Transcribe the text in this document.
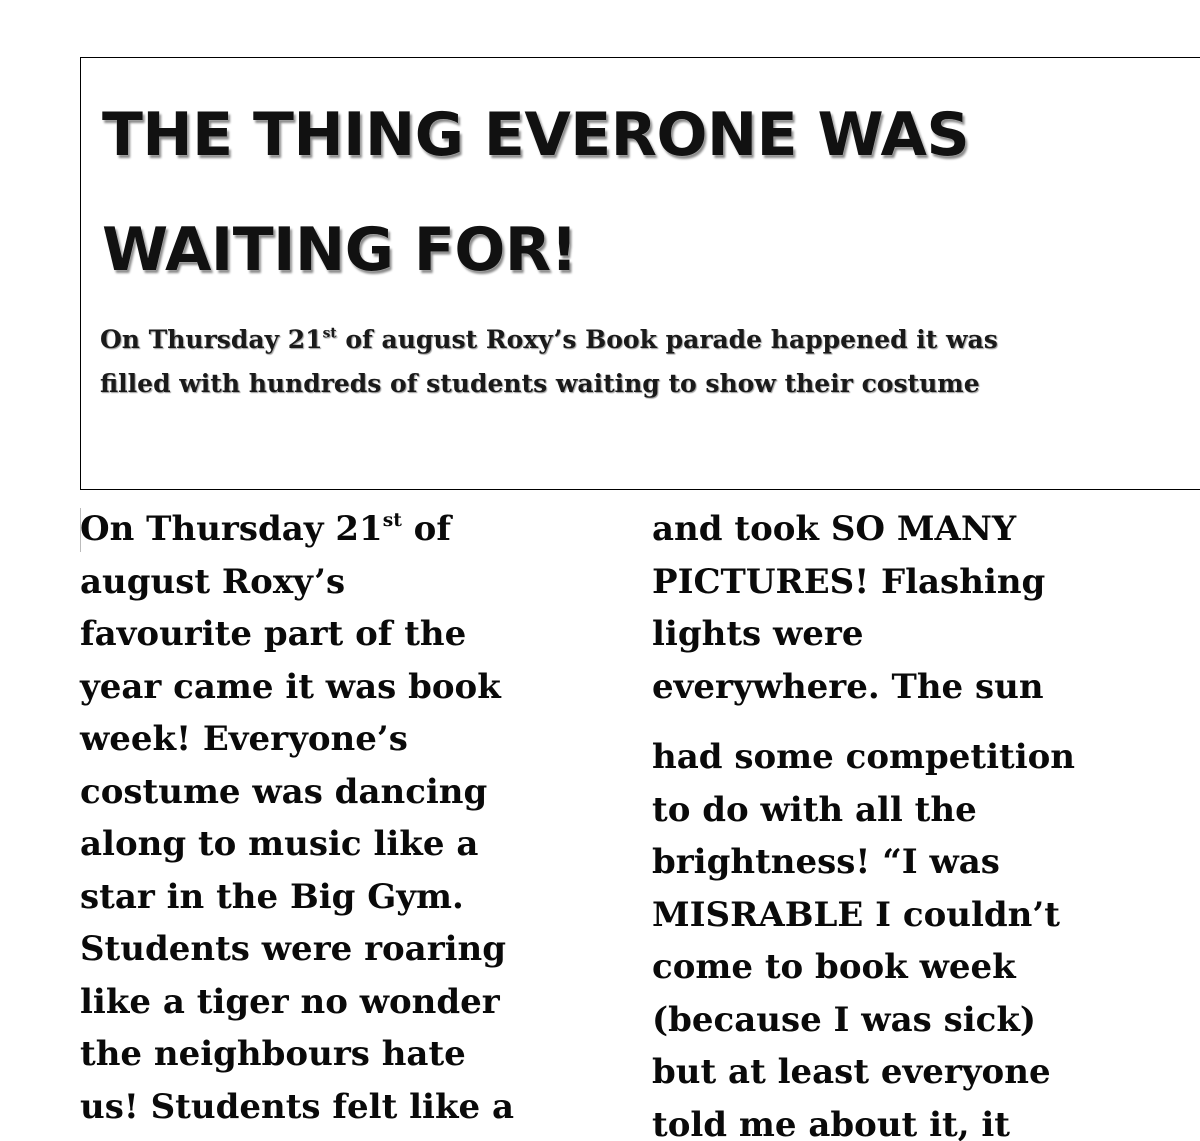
THE THING EVERONE WAS
WAITING FOR!

On Thursday 21st of august Roxy’s Book parade happened it was
filled with hundreds of students waiting to show their costume

On Thursday 21st of
august Roxy’s
favourite part of the
year came it was book
week! Everyone’s
costume was dancing
along to music like a
star in the Big Gym.
Students were roaring
like a tiger no wonder
the neighbours hate
us! Students felt like a
and took SO MANY
PICTURES! Flashing
lights were
everywhere. The sun
had some competition
to do with all the
brightness! “I was
MISRABLE I couldn’t
come to book week
(because I was sick)
but at least everyone
told me about it, it
